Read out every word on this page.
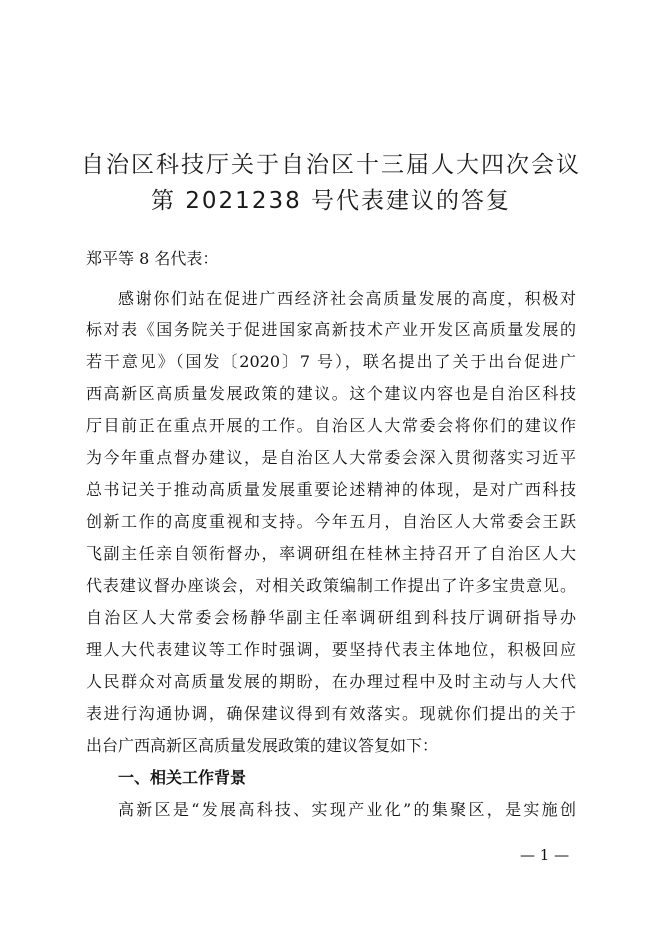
自治区科技厅关于自治区十三届人大四次会议
第 2021238 号代表建议的答复
郑平等 8 名代表：
感谢你们站在促进广西经济社会高质量发展的高度，积极对
标对表《国务院关于促进国家高新技术产业开发区高质量发展的
若干意见》（国发〔2020〕7 号），联名提出了关于出台促进广
西高新区高质量发展政策的建议。这个建议内容也是自治区科技
厅目前正在重点开展的工作。自治区人大常委会将你们的建议作
为今年重点督办建议，是自治区人大常委会深入贯彻落实习近平
总书记关于推动高质量发展重要论述精神的体现，是对广西科技
创新工作的高度重视和支持。今年五月，自治区人大常委会王跃
飞副主任亲自领衔督办，率调研组在桂林主持召开了自治区人大
代表建议督办座谈会，对相关政策编制工作提出了许多宝贵意见。
自治区人大常委会杨静华副主任率调研组到科技厅调研指导办
理人大代表建议等工作时强调，要坚持代表主体地位，积极回应
人民群众对高质量发展的期盼，在办理过程中及时主动与人大代
表进行沟通协调，确保建议得到有效落实。现就你们提出的关于
出台广西高新区高质量发展政策的建议答复如下：
一、相关工作背景
高新区是“发展高科技、实现产业化”的集聚区，是实施创
— 1 —
